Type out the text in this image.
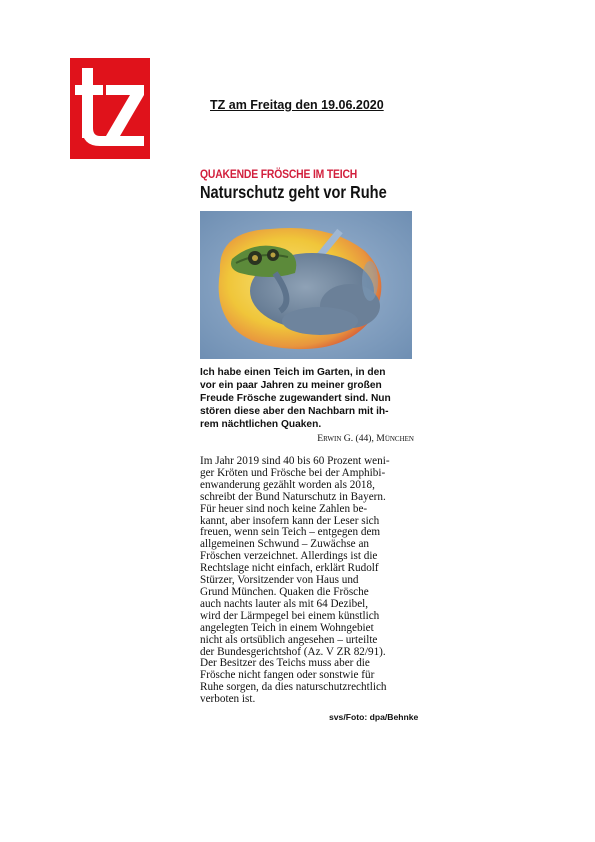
TZ am Freitag den 19.06.2020
QUAKENDE FRÖSCHE IM TEICH
Naturschutz geht vor Ruhe
Ich habe einen Teich im Garten, in den
vor ein paar Jahren zu meiner großen
Freude Frösche zugewandert sind. Nun
stören diese aber den Nachbarn mit ih-
rem nächtlichen Quaken.
Erwin G. (44), München
Im Jahr 2019 sind 40 bis 60 Prozent weni-
ger Kröten und Frösche bei der Amphibi-
enwanderung gezählt worden als 2018,
schreibt der Bund Naturschutz in Bayern.
Für heuer sind noch keine Zahlen be-
kannt, aber insofern kann der Leser sich
freuen, wenn sein Teich – entgegen dem
allgemeinen Schwund – Zuwächse an
Fröschen verzeichnet. Allerdings ist die
Rechtslage nicht einfach, erklärt Rudolf
Stürzer, Vorsitzender von Haus und
Grund München. Quaken die Frösche
auch nachts lauter als mit 64 Dezibel,
wird der Lärmpegel bei einem künstlich
angelegten Teich in einem Wohngebiet
nicht als ortsüblich angesehen – urteilte
der Bundesgerichtshof (Az. V ZR 82/91).
Der Besitzer des Teichs muss aber die
Frösche nicht fangen oder sonstwie für
Ruhe sorgen, da dies naturschutzrechtlich
verboten ist.
svs/Foto: dpa/Behnke
